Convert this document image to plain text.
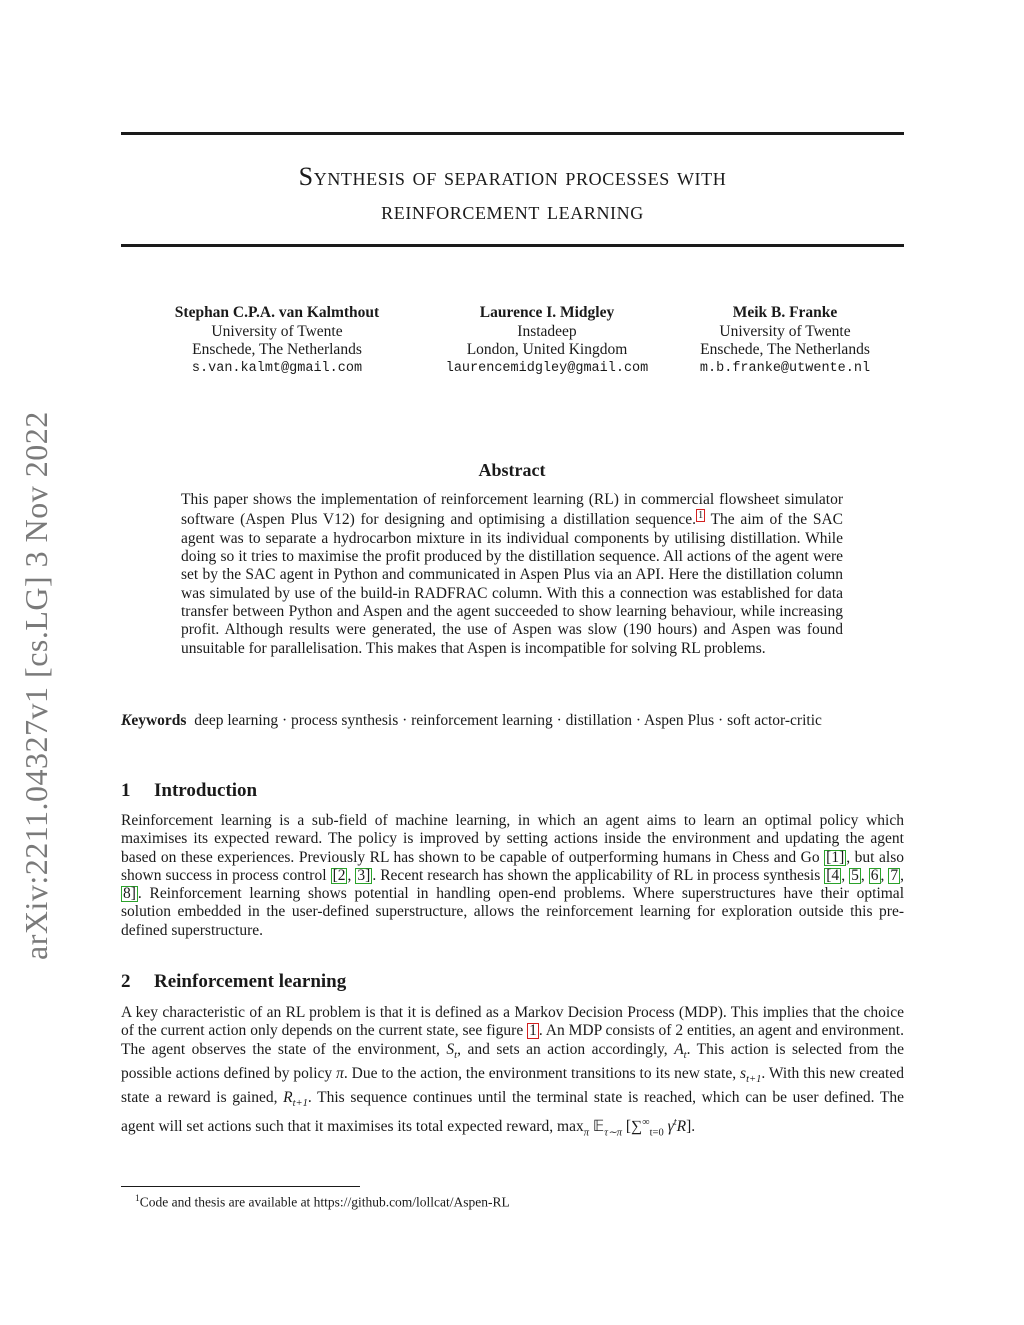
arXiv:2211.04327v1 [cs.LG] 3 Nov 2022
Synthesis of separation processes with
reinforcement learning
Stephan C.P.A. van Kalmthout
University of Twente
Enschede, The Netherlands
s.van.kalmt@gmail.com
Laurence I. Midgley
Instadeep
London, United Kingdom
laurencemidgley@gmail.com
Meik B. Franke
University of Twente
Enschede, The Netherlands
m.b.franke@utwente.nl
Abstract

This paper shows the implementation of reinforcement learning (RL) in commercial flowsheet simulator software (Aspen Plus V12) for designing and optimising a distillation sequence. 1 The aim of the SAC agent was to separate a hydrocarbon mixture in its individual components by utilising distillation. While doing so it tries to maximise the profit produced by the distillation sequence. All actions of the agent were set by the SAC agent in Python and communicated in Aspen Plus via an API. Here the distillation column was simulated by use of the build-in RADFRAC column. With this a connection was established for data transfer between Python and Aspen and the agent succeeded to show learning behaviour, while increasing profit. Although results were generated, the use of Aspen was slow (190 hours) and Aspen was found unsuitable for parallelisation. This makes that Aspen is incompatible for solving RL problems.

Keywords deep learning · process synthesis · reinforcement learning · distillation · Aspen Plus · soft actor-critic

1 Introduction

Reinforcement learning is a sub-field of machine learning, in which an agent aims to learn an optimal policy which maximises its expected reward. The policy is improved by setting actions inside the environment and updating the agent based on these experiences. Previously RL has shown to be capable of outperforming humans in Chess and Go [1] , but also shown success in process control [2 , 3] . Recent research has shown the applicability of RL in process synthesis [4 , 5 , 6 , 7 , 8] . Reinforcement learning shows potential in handling open-end problems. Where superstructures have their optimal solution embedded in the user-defined superstructure, allows the reinforcement learning for exploration outside this pre-defined superstructure.

2 Reinforcement learning

A key characteristic of an RL problem is that it is defined as a Markov Decision Process (MDP). This implies that the choice of the current action only depends on the current state, see figure 1 . An MDP consists of 2 entities, an agent and environment. The agent observes the state of the environment, $S_t$, and sets an action accordingly, $A_t$. This action is selected from the possible actions defined by policy π. Due to the action, the environment transitions to its new state, $s_{t+1}$. With this new created state a reward is gained, $R_{t+1}$. This sequence continues until the terminal state is reached, which can be user defined. The agent will set actions such that it maximises its total expected reward, $\max_\pi$ 𝔼$_{\tau\sim\pi}$ [$\sum^\infty_{t=0}$ $\gamma^tR$].

$^1$Code and thesis are available at https://github.com/lollcat/Aspen-RL
